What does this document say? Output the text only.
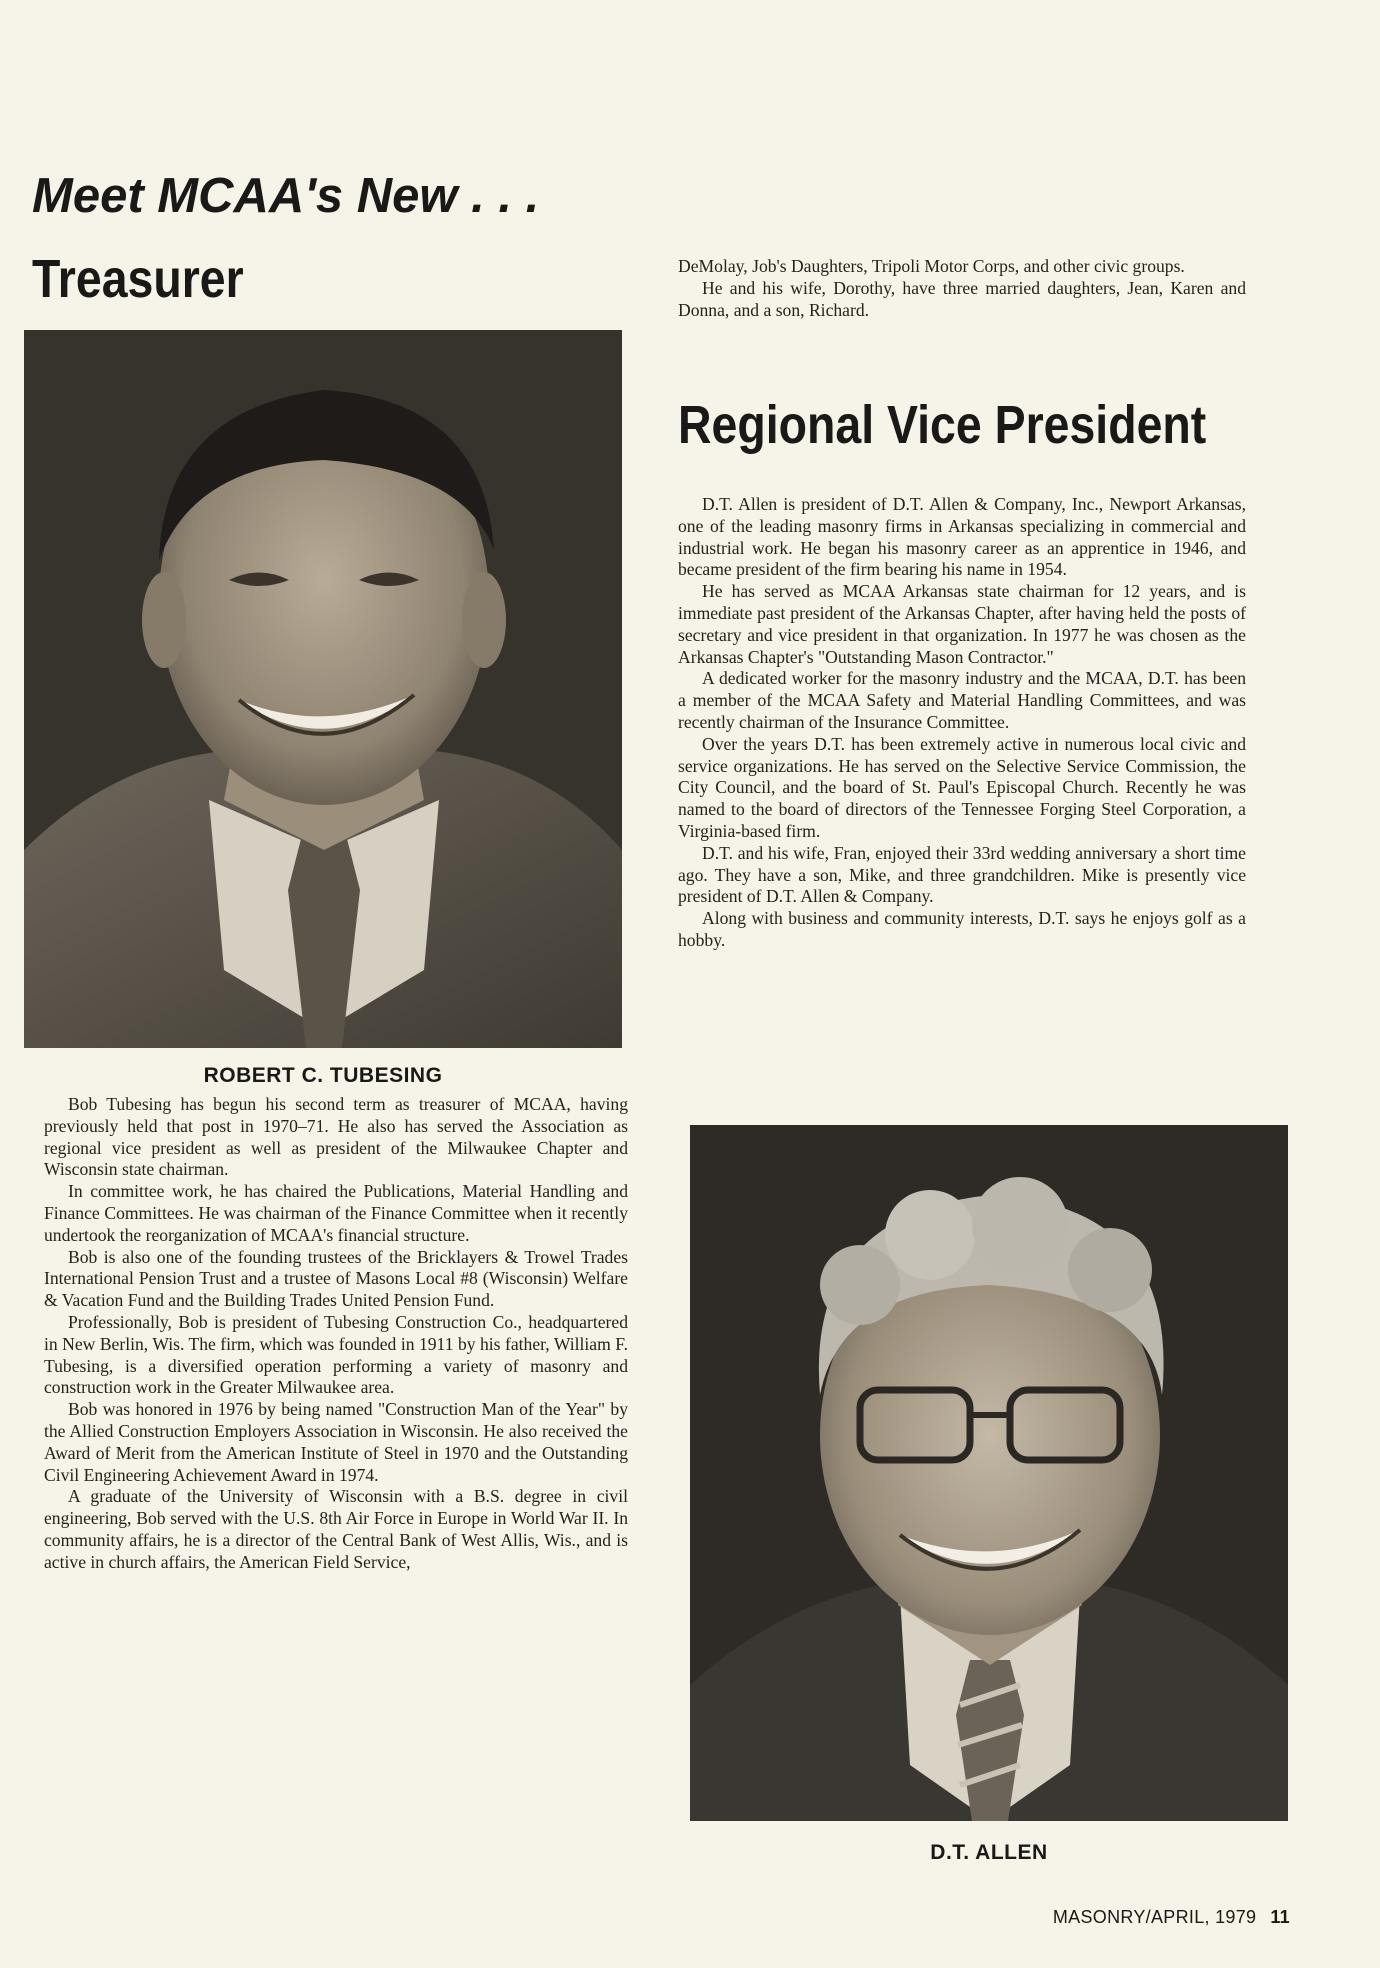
Meet MCAA's New . . .
Treasurer
ROBERT C. TUBESING

Bob Tubesing has begun his second term as treasurer of MCAA, having previously held that post in 1970–71. He also has served the Association as regional vice president as well as president of the Milwaukee Chapter and Wisconsin state chairman.

In committee work, he has chaired the Publications, Material Handling and Finance Committees. He was chairman of the Finance Committee when it recently undertook the reorganization of MCAA's financial structure.

Bob is also one of the founding trustees of the Bricklayers & Trowel Trades International Pension Trust and a trustee of Masons Local #8 (Wisconsin) Welfare & Vacation Fund and the Building Trades United Pension Fund.

Professionally, Bob is president of Tubesing Construction Co., headquartered in New Berlin, Wis. The firm, which was founded in 1911 by his father, William F. Tubesing, is a diversified operation performing a variety of masonry and construction work in the Greater Milwaukee area.

Bob was honored in 1976 by being named "Construction Man of the Year" by the Allied Construction Employers Association in Wisconsin. He also received the Award of Merit from the American Institute of Steel in 1970 and the Outstanding Civil Engineering Achievement Award in 1974.

A graduate of the University of Wisconsin with a B.S. degree in civil engineering, Bob served with the U.S. 8th Air Force in Europe in World War II. In community affairs, he is a director of the Central Bank of West Allis, Wis., and is active in church affairs, the American Field Service,

DeMolay, Job's Daughters, Tripoli Motor Corps, and other civic groups.

He and his wife, Dorothy, have three married daughters, Jean, Karen and Donna, and a son, Richard.

Regional Vice President

D.T. Allen is president of D.T. Allen & Company, Inc., Newport Arkansas, one of the leading masonry firms in Arkansas specializing in commercial and industrial work. He began his masonry career as an apprentice in 1946, and became president of the firm bearing his name in 1954.

He has served as MCAA Arkansas state chairman for 12 years, and is immediate past president of the Arkansas Chapter, after having held the posts of secretary and vice president in that organization. In 1977 he was chosen as the Arkansas Chapter's "Outstanding Mason Contractor."

A dedicated worker for the masonry industry and the MCAA, D.T. has been a member of the MCAA Safety and Material Handling Committees, and was recently chairman of the Insurance Committee.

Over the years D.T. has been extremely active in numerous local civic and service organizations. He has served on the Selective Service Commission, the City Council, and the board of St. Paul's Episcopal Church. Recently he was named to the board of directors of the Tennessee Forging Steel Corporation, a Virginia-based firm.

D.T. and his wife, Fran, enjoyed their 33rd wedding anniversary a short time ago. They have a son, Mike, and three grandchildren. Mike is presently vice president of D.T. Allen & Company.

Along with business and community interests, D.T. says he enjoys golf as a hobby.

D.T. ALLEN
MASONRY/APRIL, 1979 11
